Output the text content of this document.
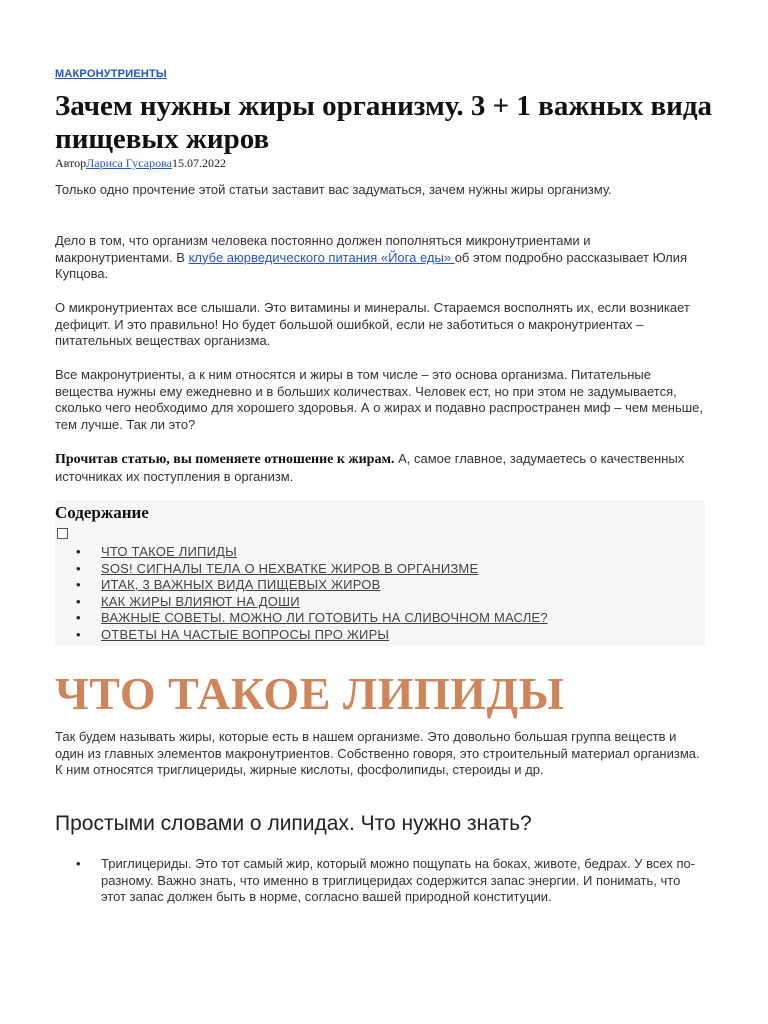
МАКРОНУТРИЕНТЫ
Зачем нужны жиры организму. 3 + 1 важных вида пищевых жиров
АвторЛариса Гусарова15.07.2022

Только одно прочтение этой статьи заставит вас задуматься, зачем нужны жиры организму.

Дело в том, что организм человека постоянно должен пополняться микронутриентами и макронутриентами. В клубе аюрведического питания «Йога еды» об этом подробно рассказывает Юлия Купцова.

О микронутриентах все слышали. Это витамины и минералы. Стараемся восполнять их, если возникает дефицит. И это правильно! Но будет большой ошибкой, если не заботиться о макронутриентах – питательных веществах организма.

Все макронутриенты, а к ним относятся и жиры в том числе – это основа организма. Питательные вещества нужны ему ежедневно и в больших количествах. Человек ест, но при этом не задумывается, сколько чего необходимо для хорошего здоровья. А о жирах и подавно распространен миф – чем меньше, тем лучше. Так ли это?

Прочитав статью, вы поменяете отношение к жирам. А, самое главное, задумаетесь о качественных источниках их поступления в организм.

Содержание
• ЧТО ТАКОЕ ЛИПИДЫ
• SOS! СИГНАЛЫ ТЕЛА О НЕХВАТКЕ ЖИРОВ В ОРГАНИЗМЕ
• ИТАК, 3 ВАЖНЫХ ВИДА ПИЩЕВЫХ ЖИРОВ
• КАК ЖИРЫ ВЛИЯЮТ НА ДОШИ
• ВАЖНЫЕ СОВЕТЫ. МОЖНО ЛИ ГОТОВИТЬ НА СЛИВОЧНОМ МАСЛЕ?
• ОТВЕТЫ НА ЧАСТЫЕ ВОПРОСЫ ПРО ЖИРЫ
ЧТО ТАКОЕ ЛИПИДЫ

Так будем называть жиры, которые есть в нашем организме. Это довольно большая группа веществ и один из главных элементов макронутриентов. Собственно говоря, это строительный материал организма. К ним относятся триглицериды, жирные кислоты, фосфолипиды, стероиды и др.

Простыми словами о липидах. Что нужно знать?
• Триглицериды. Это тот самый жир, который можно пощупать на боках, животе, бедрах. У всех по-разному. Важно знать, что именно в триглицеридах содержится запас энергии. И понимать, что этот запас должен быть в норме, согласно вашей природной конституции.
